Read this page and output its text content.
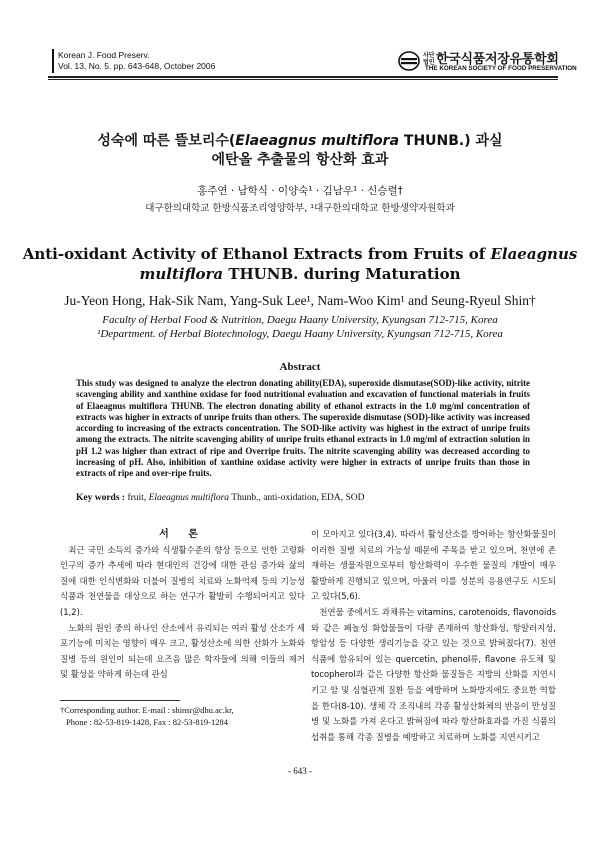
Korean J. Food Preserv.
Vol. 13, No. 5. pp. 643-648, October 2006
사단
법인 한국식품저장유통학회
THE KOREAN SOCIETY OF FOOD PRESERVATION
성숙에 따른 뜰보리수(Elaeagnus multiflora THUNB.) 과실
에탄올 추출물의 항산화 효과
홍주연 · 남학식 · 이양숙¹ · 김남우¹ · 신승렬†
대구한의대학교 한방식품조리영양학부, ¹대구한의대학교 한방생약자원학과
Anti-oxidant Activity of Ethanol Extracts from Fruits of Elaeagnus
multiflora THUNB. during Maturation
Ju-Yeon Hong, Hak-Sik Nam, Yang-Suk Lee¹, Nam-Woo Kim¹ and Seung-Ryeul Shin†
Faculty of Herbal Food & Nutrition, Daegu Haany University, Kyungsan 712-715, Korea
¹Department. of Herbal Biotechnology, Daegu Haany University, Kyungsan 712-715, Korea
Abstract
This study was designed to analyze the electron donating ability(EDA), superoxide dismutase(SOD)-like activity, nitrite scavenging ability and xanthine oxidase for food nutritional evaluation and excavation of functional materials in fruits of Elaeagnus multiflora THUNB. The electron donating ability of ethanol extracts in the 1.0 mg/ml concentration of extracts was higher in extracts of unripe fruits than others. The superoxide dismutase (SOD)-like activity was increased according to increasing of the extracts concentration. The SOD-like activity was highest in the extract of unripe fruits among the extracts. The nitrite scavenging ability of unripe fruits ethanol extracts in 1.0 mg/ml of extraction solution in pH 1.2 was higher than extract of ripe and Overripe fruits. The nitrite scavenging ability was decreased according to increasing of pH. Also, inhibition of xanthine oxidase activity were higher in extracts of unripe fruits than those in extracts of ripe and over-ripe fruits.
Key words : fruit, Elaeagnus multiflora Thunb., anti-oxidation, EDA, SOD

서 론

최근 국민 소득의 증가와 식생활수준의 향상 등으로 인한 고령화 인구의 증가 추세에 따라 현대인의 건강에 대한 관심 증가와 삶의 질에 대한 인식변화와 더불어 질병의 치료와 노화억제 등의 기능성 식품과 천연물을 대상으로 하는 연구가 활발히 수행되어지고 있다(1,2).

노화의 원인 중의 하나인 산소에서 유리되는 여러 활성 산소가 세포기능에 미치는 영향이 매우 크고, 활성산소에 의한 산화가 노화와 질병 등의 원인이 되는데 요즈음 많은 학자들에 의해 이들의 제거 및 활성을 약하게 하는데 관심

이 모아지고 있다(3,4). 따라서 활성산소를 방어하는 항산화물질이 이러한 질병 치료의 가능성 때문에 주목을 받고 있으며, 천연에 존재하는 생물자원으로부터 항산화력이 우수한 물질의 개발이 매우 활발하게 진행되고 있으며, 아울러 이를 성분의 응용연구도 시도되고 있다(5,6).

천연물 중에서도 과채류는 vitamins, carotenoids, flavonoids와 같은 페놀성 화합물들이 다량 존재하여 항산화성, 항알러지성, 항암성 등 다양한 생리기능을 갖고 있는 것으로 밝혀졌다(7). 천연식품에 함유되어 있는 quercetin, phenol류, flavone 유도체 및 tocopherol과 같은 다양한 항산화 물질들은 지방의 산화를 지연시키고 암 및 심혈관계 질환 등을 예방하며 노화방지에도 중요한 역할을 한다(8-10). 생체 각 조직내의 각종 활성산화체의 반응이 만성질병 및 노화를 가져 온다고 밝혀짐에 따라 항산화효과를 가진 식품의 섭취를 통해 각종 질병을 예방하고 치료하며 노화를 지연시키고

†Corresponding author. E-mail : shinsr@dhu.ac.kr,
Phone : 82-53-819-1428, Fax : 82-53-819-1284
- 643 -
